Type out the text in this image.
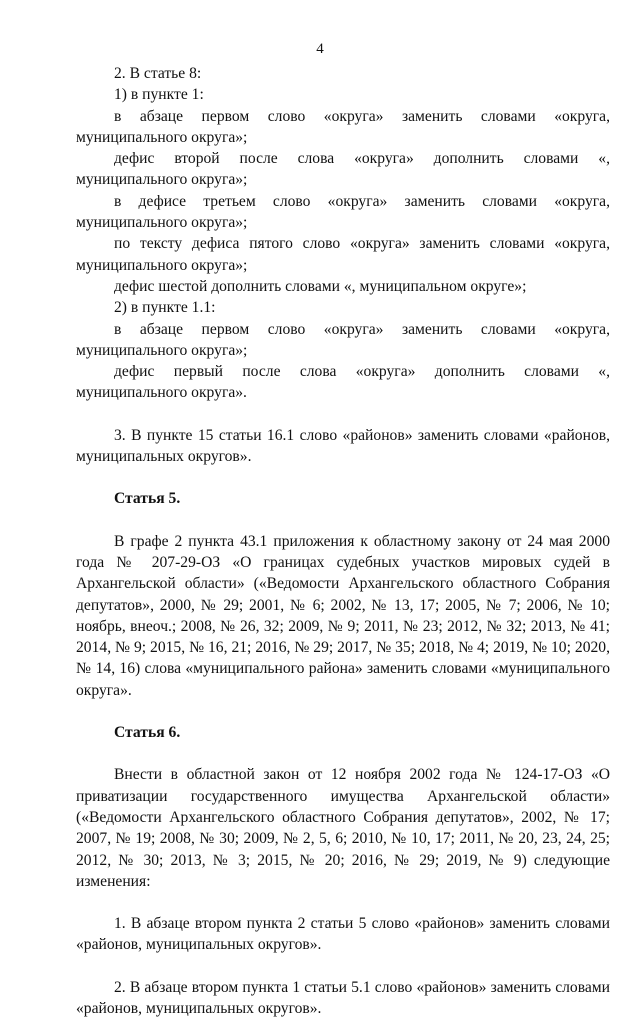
4

2. В статье 8:

1) в пункте 1:

в абзаце первом слово «округа» заменить словами «округа, муниципального округа»;

дефис второй после слова «округа» дополнить словами «, муниципального округа»;

в дефисе третьем слово «округа» заменить словами «округа, муниципального округа»;

по тексту дефиса пятого слово «округа» заменить словами «округа, муниципального округа»;

дефис шестой дополнить словами «, муниципальном округе»;

2) в пункте 1.1:

в абзаце первом слово «округа» заменить словами «округа, муниципального округа»;

дефис первый после слова «округа» дополнить словами «, муниципального округа».

3. В пункте 15 статьи 16.1 слово «районов» заменить словами «районов, муниципальных округов».

Статья 5.

В графе 2 пункта 43.1 приложения к областному закону от 24 мая 2000 года № 207-29-ОЗ «О границах судебных участков мировых судей в Архангельской области» («Ведомости Архангельского областного Собрания депутатов», 2000, № 29; 2001, № 6; 2002, № 13, 17; 2005, № 7; 2006, № 10; ноябрь, внеоч.; 2008, № 26, 32; 2009, № 9; 2011, № 23; 2012, № 32; 2013, № 41; 2014, № 9; 2015, № 16, 21; 2016, № 29; 2017, № 35; 2018, № 4; 2019, № 10; 2020, № 14, 16) слова «муниципального района» заменить словами «муниципального округа».

Статья 6.

Внести в областной закон от 12 ноября 2002 года № 124-17-ОЗ «О приватизации государственного имущества Архангельской области» («Ведомости Архангельского областного Собрания депутатов», 2002, № 17; 2007, № 19; 2008, № 30; 2009, № 2, 5, 6; 2010, № 10, 17; 2011, № 20, 23, 24, 25; 2012, № 30; 2013, № 3; 2015, № 20; 2016, № 29; 2019, № 9) следующие изменения:

1. В абзаце втором пункта 2 статьи 5 слово «районов» заменить словами «районов, муниципальных округов».

2. В абзаце втором пункта 1 статьи 5.1 слово «районов» заменить словами «районов, муниципальных округов».
